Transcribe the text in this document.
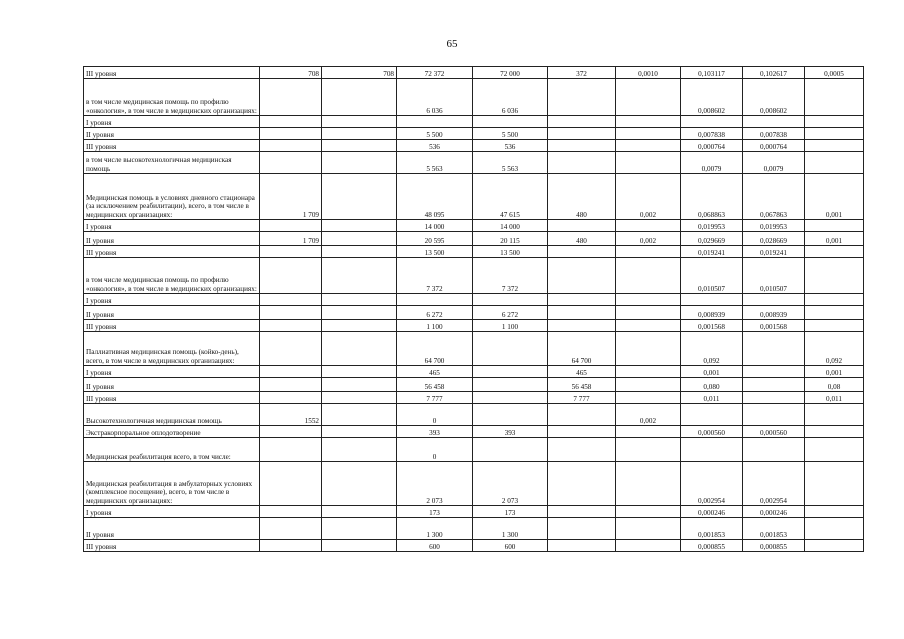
65
III уровня	708	708	72 372	72 000	372	0,0010	0,103117	0,102617	0,0005
в том числе медицинская помощь по профилю «онкология», в том числе в медицинских организациях:			6 036	6 036			0,008602	0,008602	
I уровня									
II уровня			5 500	5 500			0,007838	0,007838	
III уровня			536	536			0,000764	0,000764	
в том числе высокотехнологичная медицинская помощь			5 563	5 563			0,0079	0,0079	
Медицинская помощь в условиях дневного стационара (за исключением реабилитации), всего, в том числе в медицинских организациях:	1 709		48 095	47 615	480	0,002	0,068863	0,067863	0,001
I уровня			14 000	14 000			0,019953	0,019953	
II уровня	1 709		20 595	20 115	480	0,002	0,029669	0,028669	0,001
III уровня			13 500	13 500			0,019241	0,019241	
в том числе медицинская помощь по профилю «онкология», в том числе в медицинских организациях:			7 372	7 372			0,010507	0,010507	
I уровня									
II уровня			6 272	6 272			0,008939	0,008939	
III уровня			1 100	1 100			0,001568	0,001568	
Паллиативная медицинская помощь (койко-день), всего, в том числе в медицинских организациях:			64 700		64 700		0,092		0,092
I уровня			465		465		0,001		0,001
II уровня			56 458		56 458		0,080		0,08
III уровня			7 777		7 777		0,011		0,011
Высокотехнологичная медицинская помощь	1552		0			0,002			
Экстракорпоральное оплодотворение			393	393			0,000560	0,000560	
Медицинская реабилитация всего, в том числе:			0						
Медицинская реабилитация в амбулаторных условиях (комплексное посещение), всего, в том числе в медицинских организациях:			2 073	2 073			0,002954	0,002954	
I уровня			173	173			0,000246	0,000246	
II уровня			1 300	1 300			0,001853	0,001853	
III уровня			600	600			0,000855	0,000855	
